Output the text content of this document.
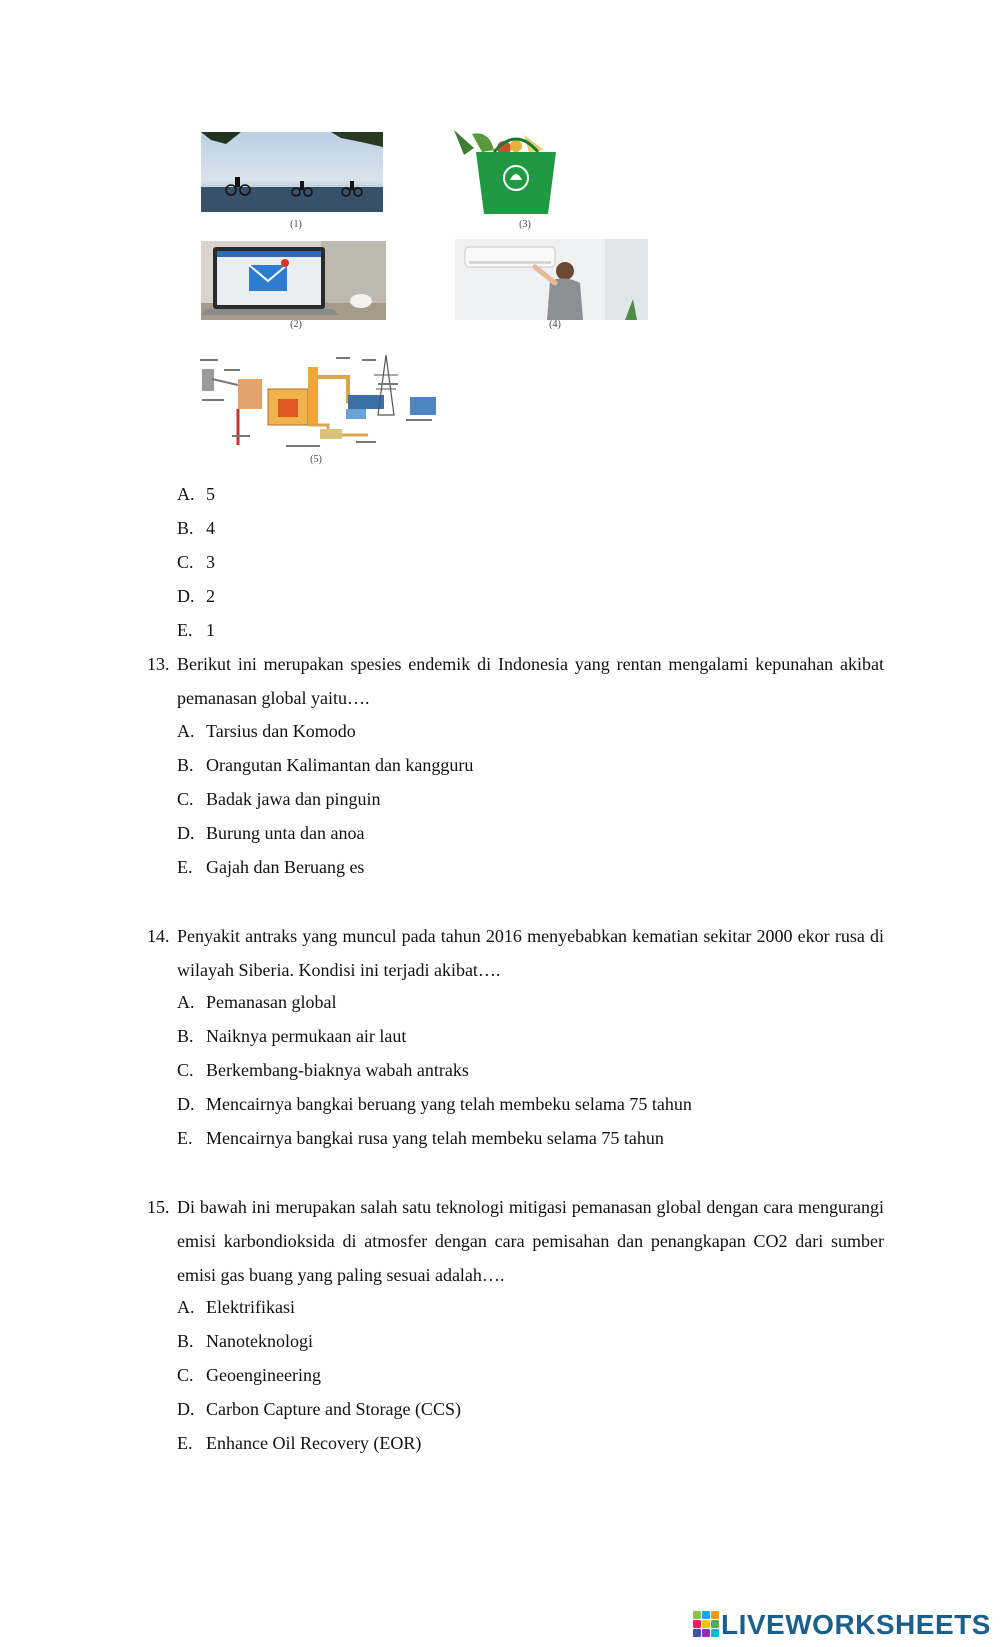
(1)	(3)
(2)	(4)
(5)
A. 5
B. 4
C. 3
D. 2
E. 1
13. Berikut ini merupakan spesies endemik di Indonesia yang rentan mengalami kepunahan akibat pemanasan global yaitu….
A. Tarsius dan Komodo
B. Orangutan Kalimantan dan kangguru
C. Badak jawa dan pinguin
D. Burung unta dan anoa
E. Gajah dan Beruang es
14. Penyakit antraks yang muncul pada tahun 2016 menyebabkan kematian sekitar 2000 ekor rusa di wilayah Siberia. Kondisi ini terjadi akibat….
A. Pemanasan global
B. Naiknya permukaan air laut
C. Berkembang-biaknya wabah antraks
D. Mencairnya bangkai beruang yang telah membeku selama 75 tahun
E. Mencairnya bangkai rusa yang telah membeku selama 75 tahun
15. Di bawah ini merupakan salah satu teknologi mitigasi pemanasan global dengan cara mengurangi emisi karbondioksida di atmosfer dengan cara pemisahan dan penangkapan CO2 dari sumber emisi gas buang yang paling sesuai adalah….
A. Elektrifikasi
B. Nanoteknologi
C. Geoengineering
D. Carbon Capture and Storage (CCS)
E. Enhance Oil Recovery (EOR)
LIVEWORKSHEETS
